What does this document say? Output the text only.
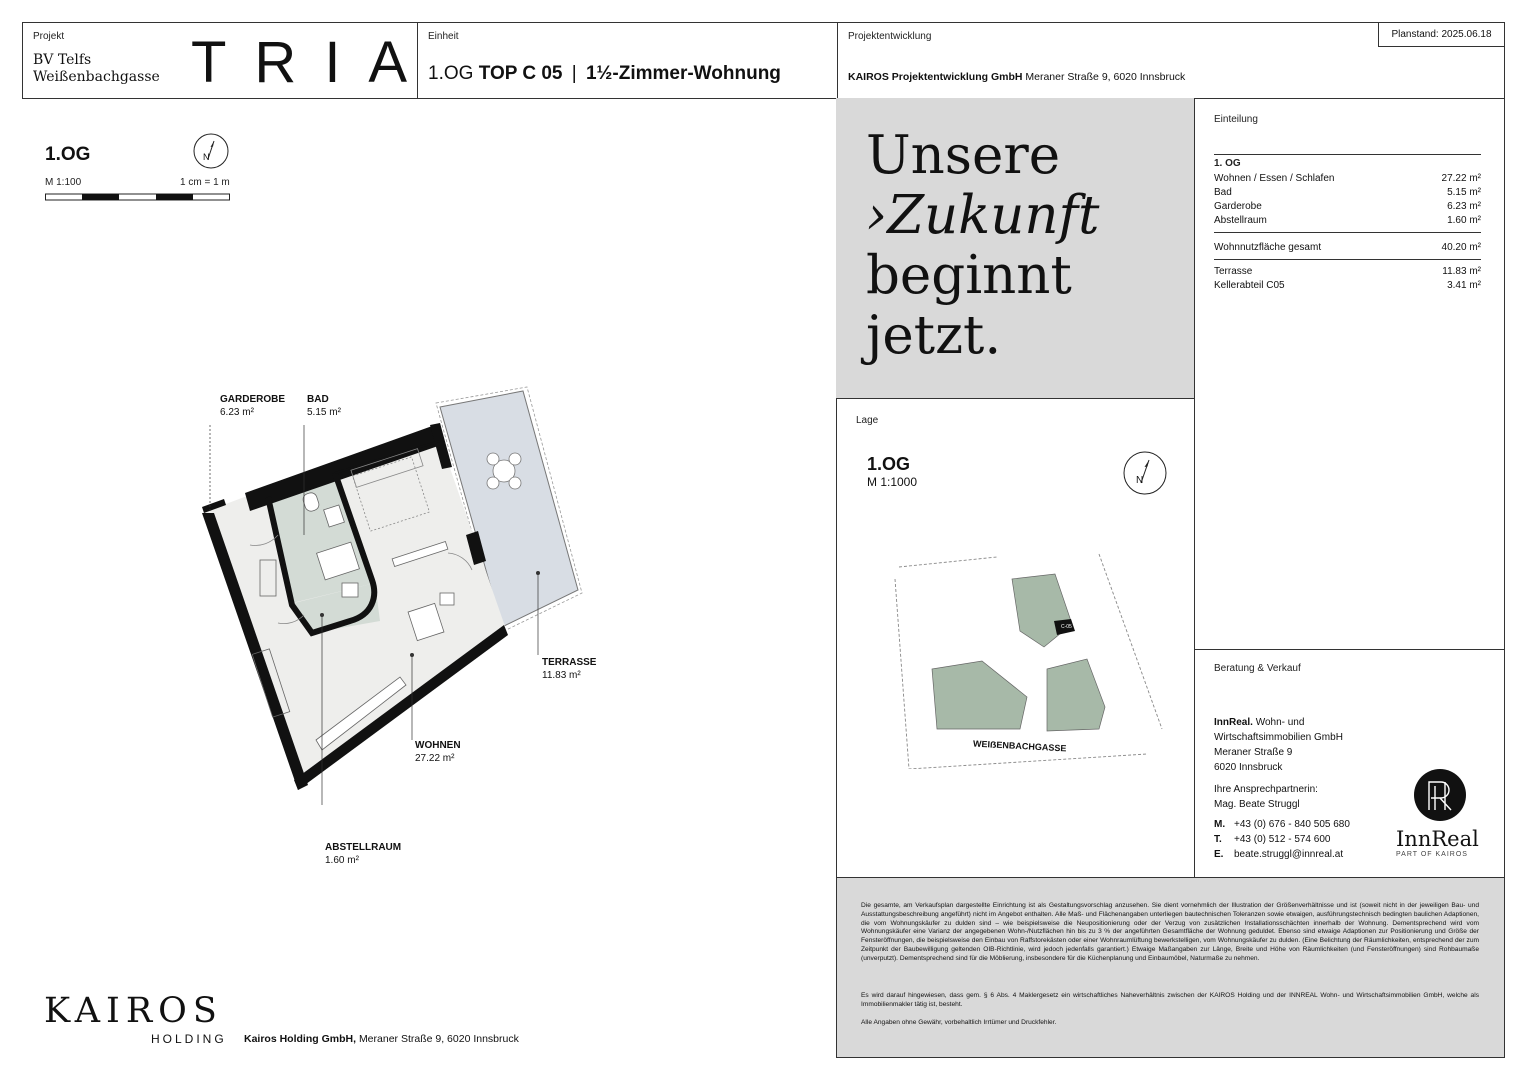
Projekt
BV Telfs
Weißenbachgasse TRIA
Einheit
1.OG TOP C 05 | 1½-Zimmer-Wohnung
Projektentwicklung
KAIROS Projektentwicklung GmbH Meraner Straße 9, 6020 Innsbruck
Planstand: 2025.06.18
1.OG
M 1:100	1 cm = 1 m
N
GARDEROBE
6.23 m²
BAD
5.15 m²
TERRASSE
11.83 m²
WOHNEN
27.22 m²
ABSTELLRAUM
1.60 m²
Unsere
›Zukunft
beginnt
jetzt.
Einteilung
1. OG
Wohnen / Essen / Schlafen	27.22 m²
Bad	5.15 m²
Garderobe	6.23 m²
Abstellraum	1.60 m²
Wohnnutzfläche gesamt	40.20 m²
Terrasse	11.83 m²
Kellerabteil C05	3.41 m²
Lage
1.OG
M 1:1000	N
C-05
WEIẞENBACHGASSE
Beratung & Verkauf
InnReal. Wohn- und
Wirtschaftsimmobilien GmbH
Meraner Straße 9
6020 Innsbruck
Ihre Ansprechpartnerin:
Mag. Beate Struggl
M. +43 (0) 676 - 840 505 680
T. +43 (0) 512 - 574 600
E. beate.struggl@innreal.at
InnReal
PART OF KAIROS
Die gesamte, am Verkaufsplan dargestellte Einrichtung ist als Gestaltungsvorschlag anzusehen. Sie dient vornehmlich der Illustration der Größenverhältnisse und ist (soweit nicht in der jeweiligen Bau- und Ausstattungsbeschreibung angeführt) nicht im Angebot enthalten. Alle Maß- und Flächenangaben unterliegen bautechnischen Toleranzen sowie etwaigen, ausführungstechnisch bedingten baulichen Adaptionen, die vom Wohnungskäufer zu dulden sind – wie beispielsweise die Neupositionierung oder der Verzug von zusätzlichen Installationsschächten innerhalb der Wohnung. Dementsprechend wird vom Wohnungskäufer eine Varianz der angegebenen Wohn-/Nutzflächen hin bis zu 3 % der angeführten Gesamtfläche der Wohnung geduldet. Ebenso sind etwaige Adaptionen zur Positionierung und Größe der Fensteröffnungen, die beispielsweise den Einbau von Raffstorekästen oder einer Wohnraumlüftung bewerkstelligen, vom Wohnungskäufer zu dulden. (Eine Belichtung der Räumlichkeiten, entsprechend der zum Zeitpunkt der Baubewilligung geltenden OIB-Richtlinie, wird jedoch jedenfalls garantiert.) Etwaige Maßangaben zur Länge, Breite und Höhe von Räumlichkeiten (und Fensteröffnungen) sind Rohbaumaße (unverputzt). Dementsprechend sind für die Möblierung, insbesondere für die Küchenplanung und Einbaumöbel, Naturmaße zu nehmen.
Es wird darauf hingewiesen, dass gem. § 6 Abs. 4 Maklergesetz ein wirtschaftliches Naheverhältnis zwischen der KAIROS Holding und der INNREAL Wohn- und Wirtschaftsimmobilien GmbH, welche als Immobilienmakler tätig ist, besteht.
Alle Angaben ohne Gewähr, vorbehaltlich Irrtümer und Druckfehler.
KAIROS
HOLDING Kairos Holding GmbH, Meraner Straße 9, 6020 Innsbruck
